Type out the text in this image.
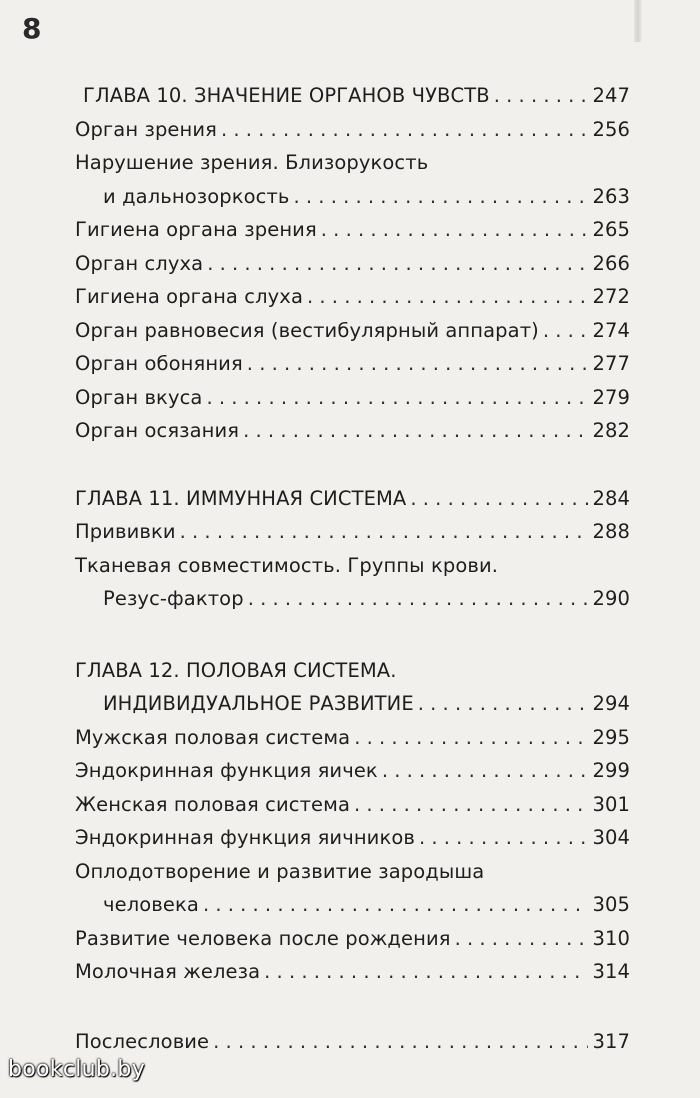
8
ГЛАВА 10. ЗНАЧЕНИЕ ОРГАНОВ ЧУВСТВ . . .	247
Орган зрения . . .	256
Нарушение зрения. Близорукость
и дальнозоркость . . .	263
Гигиена органа зрения . . .	265
Орган слуха . . .	266
Гигиена органа слуха . . .	272
Орган равновесия (вестибулярный аппарат) . . .	274
Орган обоняния . . .	277
Орган вкуса . . .	279
Орган осязания . . .	282
ГЛАВА 11. ИММУННАЯ СИСТЕМА . . .	284
Прививки . . .	288
Тканевая совместимость. Группы крови.
Резус-фактор . . .	290
ГЛАВА 12. ПОЛОВАЯ СИСТЕМА.
ИНДИВИДУАЛЬНОЕ РАЗВИТИЕ . . .	294
Мужская половая система . . .	295
Эндокринная функция яичек . . .	299
Женская половая система . . .	301
Эндокринная функция яичников . . .	304
Оплодотворение и развитие зародыша
человека . . .	305
Развитие человека после рождения . . .	310
Молочная железа . . .	314
Послесловие . . .	317
bookclub.by
